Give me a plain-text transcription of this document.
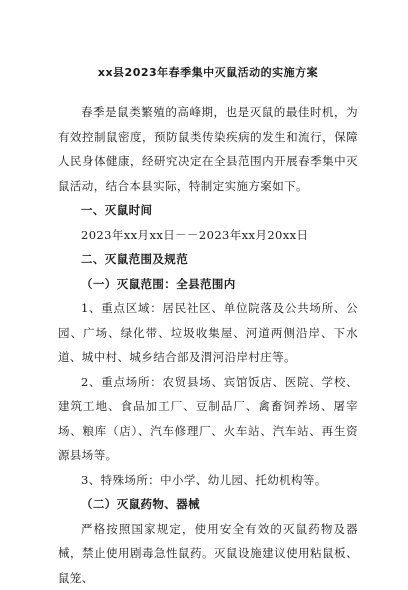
xx县2023年春季集中灭鼠活动的实施方案

春季是鼠类繁殖的高峰期，也是灭鼠的最佳时机，为有效控制鼠密度，预防鼠类传染疾病的发生和流行，保障人民身体健康，经研究决定在全县范围内开展春季集中灭鼠活动，结合本县实际，特制定实施方案如下。

一、灭鼠时间

2023年xx月xx日－－2023年xx月20xx日

二、灭鼠范围及规范

（一）灭鼠范围：全县范围内

1、重点区域：居民社区、单位院落及公共场所、公园、广场、绿化带、垃圾收集屋、河道两侧沿岸、下水道、城中村、城乡结合部及渭河沿岸村庄等。

2、重点场所：农贸县场、宾馆饭店、医院、学校、建筑工地、食品加工厂、豆制品厂、禽畜饲养场、屠宰场、粮库（店）、汽车修理厂、火车站、汽车站、再生资源县场等。

3、特殊场所：中小学、幼儿园、托幼机构等。

（二）灭鼠药物、器械

严格按照国家规定，使用安全有效的灭鼠药物及器械，禁止使用剧毒急性鼠药。灭鼠设施建议使用粘鼠板、鼠笼、
